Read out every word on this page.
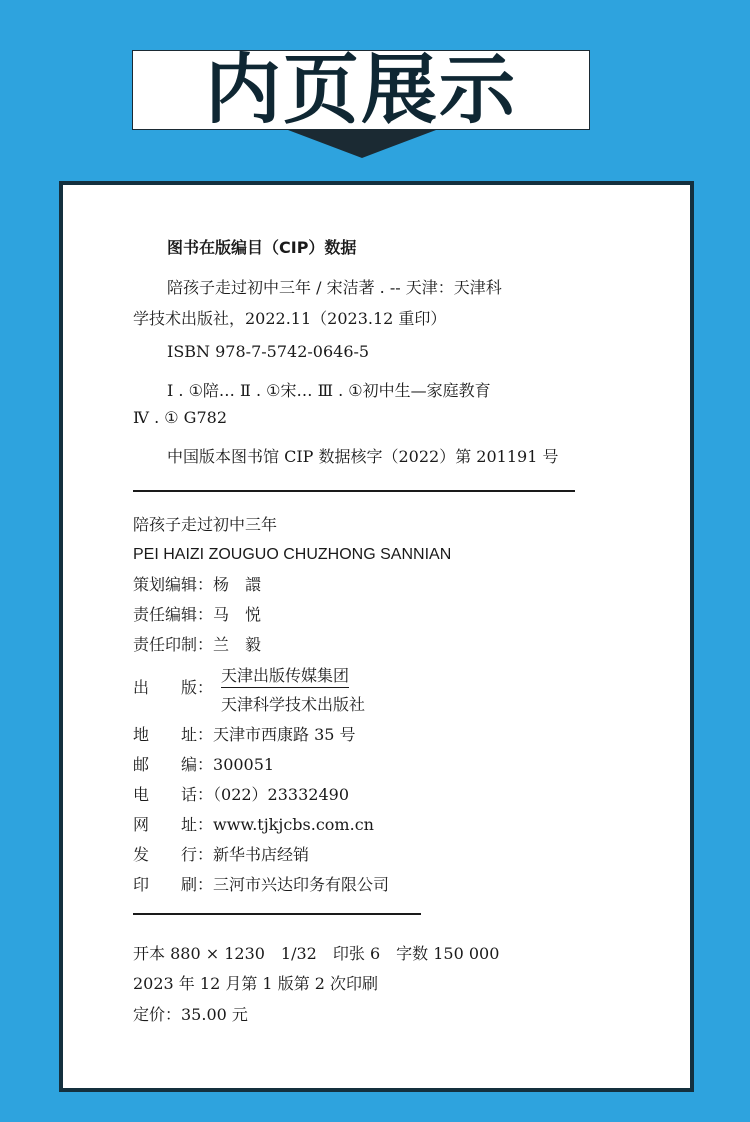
内页展示
图书在版编目（CIP）数据
陪孩子走过初中三年 / 宋洁著 . -- 天津：天津科
学技术出版社，2022.11（2023.12 重印）
ISBN 978-7-5742-0646-5
Ⅰ . ①陪… Ⅱ . ①宋… Ⅲ . ①初中生—家庭教育
Ⅳ . ① G782
中国版本图书馆 CIP 数据核字（2022）第 201191 号
陪孩子走过初中三年
PEI HAIZI ZOUGUO CHUZHONG SANNIAN
策划编辑：杨　譞
责任编辑：马　悦
责任印制：兰　毅
出　　版：
天津出版传媒集团
天津科学技术出版社
地　　址：天津市西康路 35 号
邮　　编：300051
电　　话：（022）23332490
网　　址：www.tjkjcbs.com.cn
发　　行：新华书店经销
印　　刷：三河市兴达印务有限公司
开本 880 × 1230　1/32　印张 6　字数 150 000
2023 年 12 月第 1 版第 2 次印刷
定价：35.00 元
